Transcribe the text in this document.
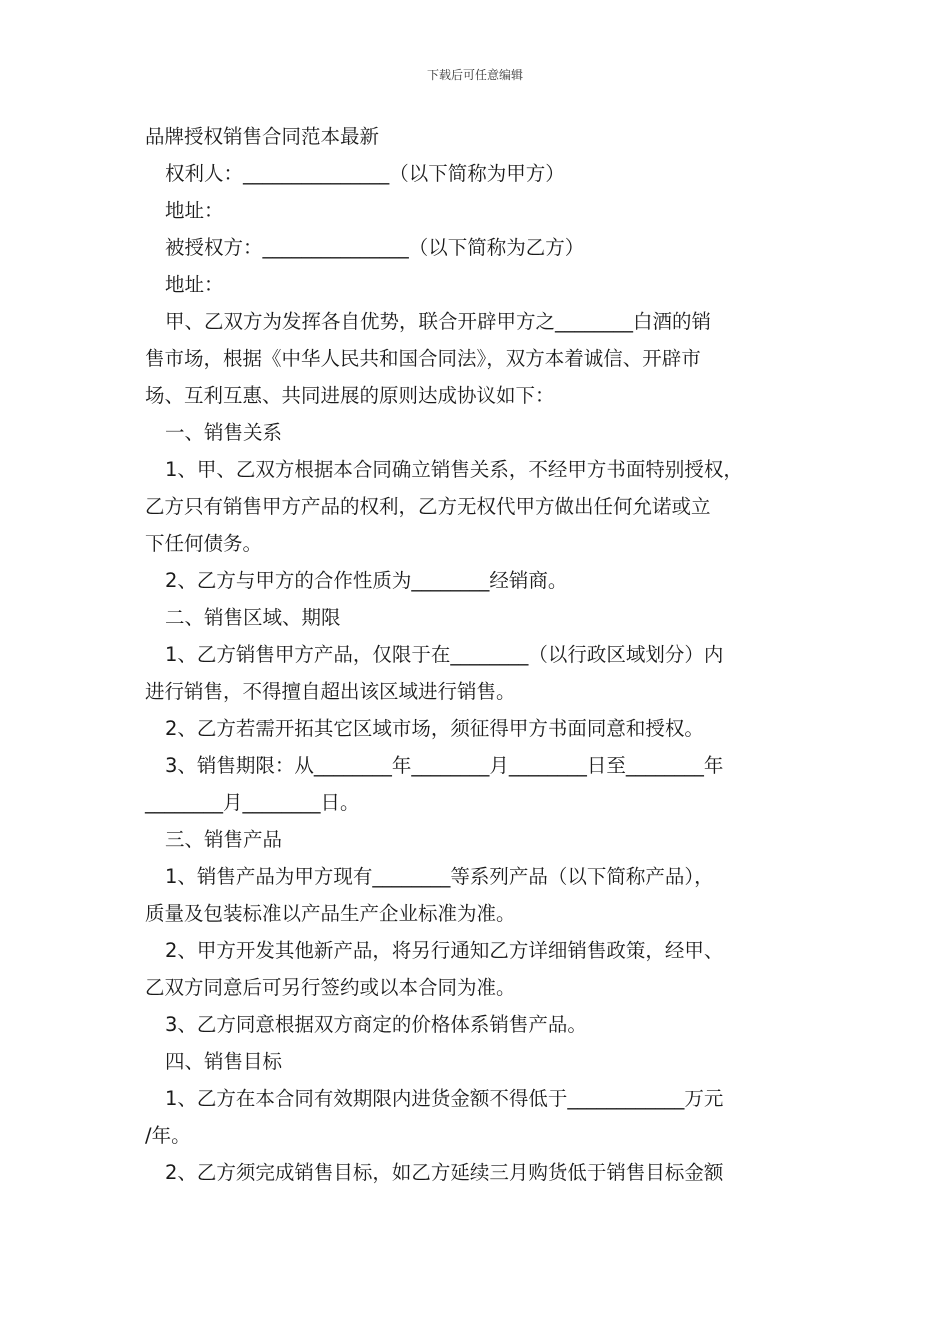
下载后可任意编辑
品牌授权销售合同范本最新
权利人：_______________（以下简称为甲方）
地址：
被授权方：_______________（以下简称为乙方）
地址：
甲、乙双方为发挥各自优势，联合开辟甲方之________白酒的销
售市场，根据《中华人民共和国合同法》，双方本着诚信、开辟市
场、互利互惠、共同进展的原则达成协议如下：
一、销售关系
1、甲、乙双方根据本合同确立销售关系，不经甲方书面特别授权，
乙方只有销售甲方产品的权利，乙方无权代甲方做出任何允诺或立
下任何债务。
2、乙方与甲方的合作性质为________经销商。
二、销售区域、期限
1、乙方销售甲方产品，仅限于在________（以行政区域划分）内
进行销售，不得擅自超出该区域进行销售。
2、乙方若需开拓其它区域市场，须征得甲方书面同意和授权。
3、销售期限：从________年________月________日至________年
________月________日。
三、销售产品
1、销售产品为甲方现有________等系列产品（以下简称产品），
质量及包装标准以产品生产企业标准为准。
2、甲方开发其他新产品，将另行通知乙方详细销售政策，经甲、
乙双方同意后可另行签约或以本合同为准。
3、乙方同意根据双方商定的价格体系销售产品。
四、销售目标
1、乙方在本合同有效期限内进货金额不得低于____________万元
/年。
2、乙方须完成销售目标，如乙方延续三月购货低于销售目标金额
